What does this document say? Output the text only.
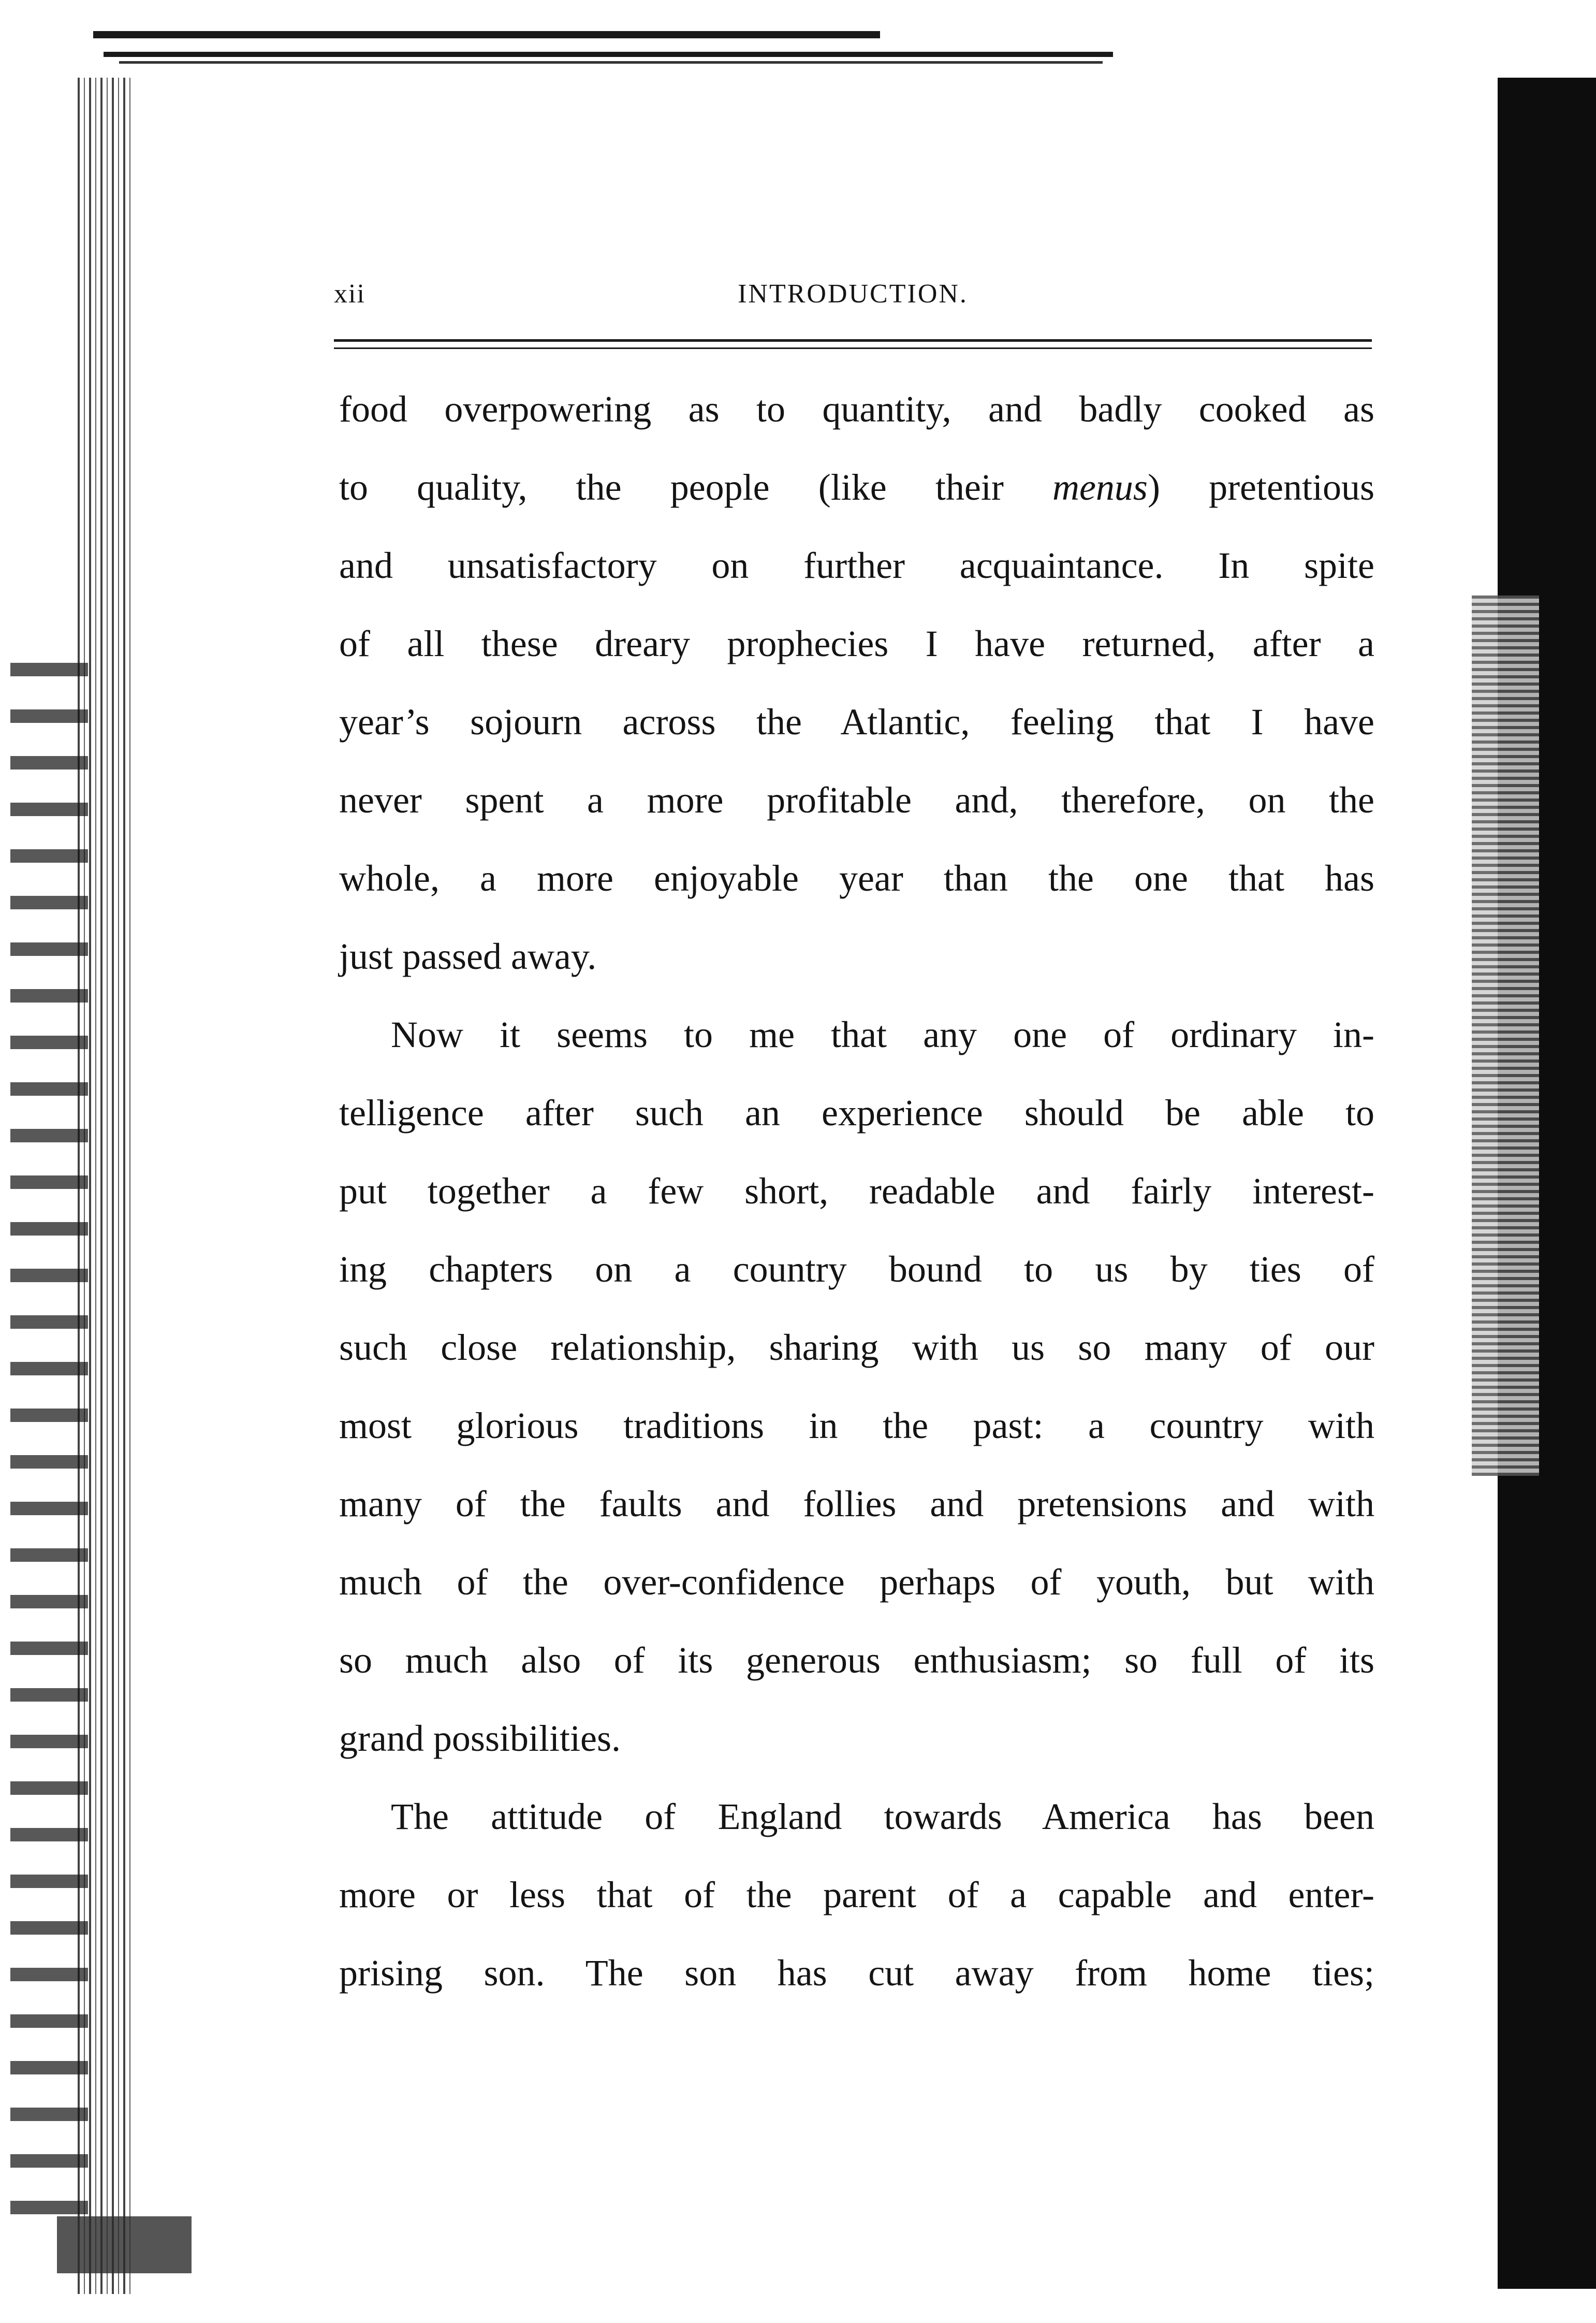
xii	INTRODUCTION.
food overpowering as to quantity, and badly cooked as
to quality, the people (like their menus) pretentious
and unsatisfactory on further acquaintance. In spite
of all these dreary prophecies I have returned, after a
year’s sojourn across the Atlantic, feeling that I have
never spent a more profitable and, therefore, on the
whole, a more enjoyable year than the one that has
just passed away.
Now it seems to me that any one of ordinary in-
telligence after such an experience should be able to
put together a few short, readable and fairly interest-
ing chapters on a country bound to us by ties of
such close relationship, sharing with us so many of our
most glorious traditions in the past: a country with
many of the faults and follies and pretensions and with
much of the over-confidence perhaps of youth, but with
so much also of its generous enthusiasm; so full of its
grand possibilities.
The attitude of England towards America has been
more or less that of the parent of a capable and enter-
prising son. The son has cut away from home ties;
